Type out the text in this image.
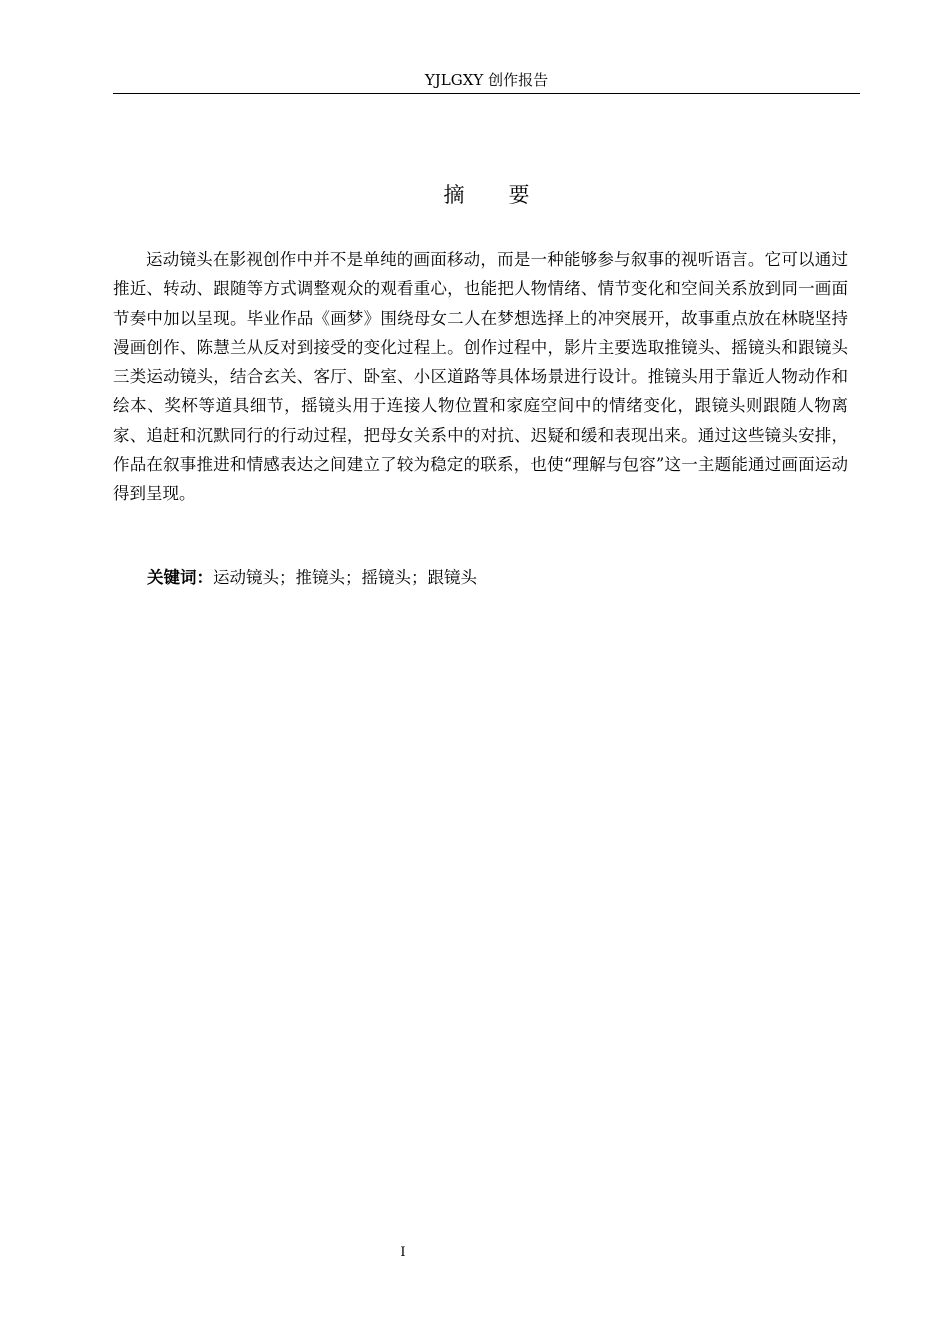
YJLGXY 创作报告
摘要

运动镜头在影视创作中并不是单纯的画面移动，而是一种能够参与叙事的视听语言。它可以通过推近、转动、跟随等方式调整观众的观看重心，也能把人物情绪、情节变化和空间关系放到同一画面节奏中加以呈现。毕业作品《画梦》围绕母女二人在梦想选择上的冲突展开，故事重点放在林晓坚持漫画创作、陈慧兰从反对到接受的变化过程上。创作过程中，影片主要选取推镜头、摇镜头和跟镜头三类运动镜头，结合玄关、客厅、卧室、小区道路等具体场景进行设计。推镜头用于靠近人物动作和绘本、奖杯等道具细节，摇镜头用于连接人物位置和家庭空间中的情绪变化，跟镜头则跟随人物离家、追赶和沉默同行的行动过程，把母女关系中的对抗、迟疑和缓和表现出来。通过这些镜头安排，作品在叙事推进和情感表达之间建立了较为稳定的联系，也使“理解与包容”这一主题能通过画面运动得到呈现。

关键词：运动镜头；推镜头；摇镜头；跟镜头
I
